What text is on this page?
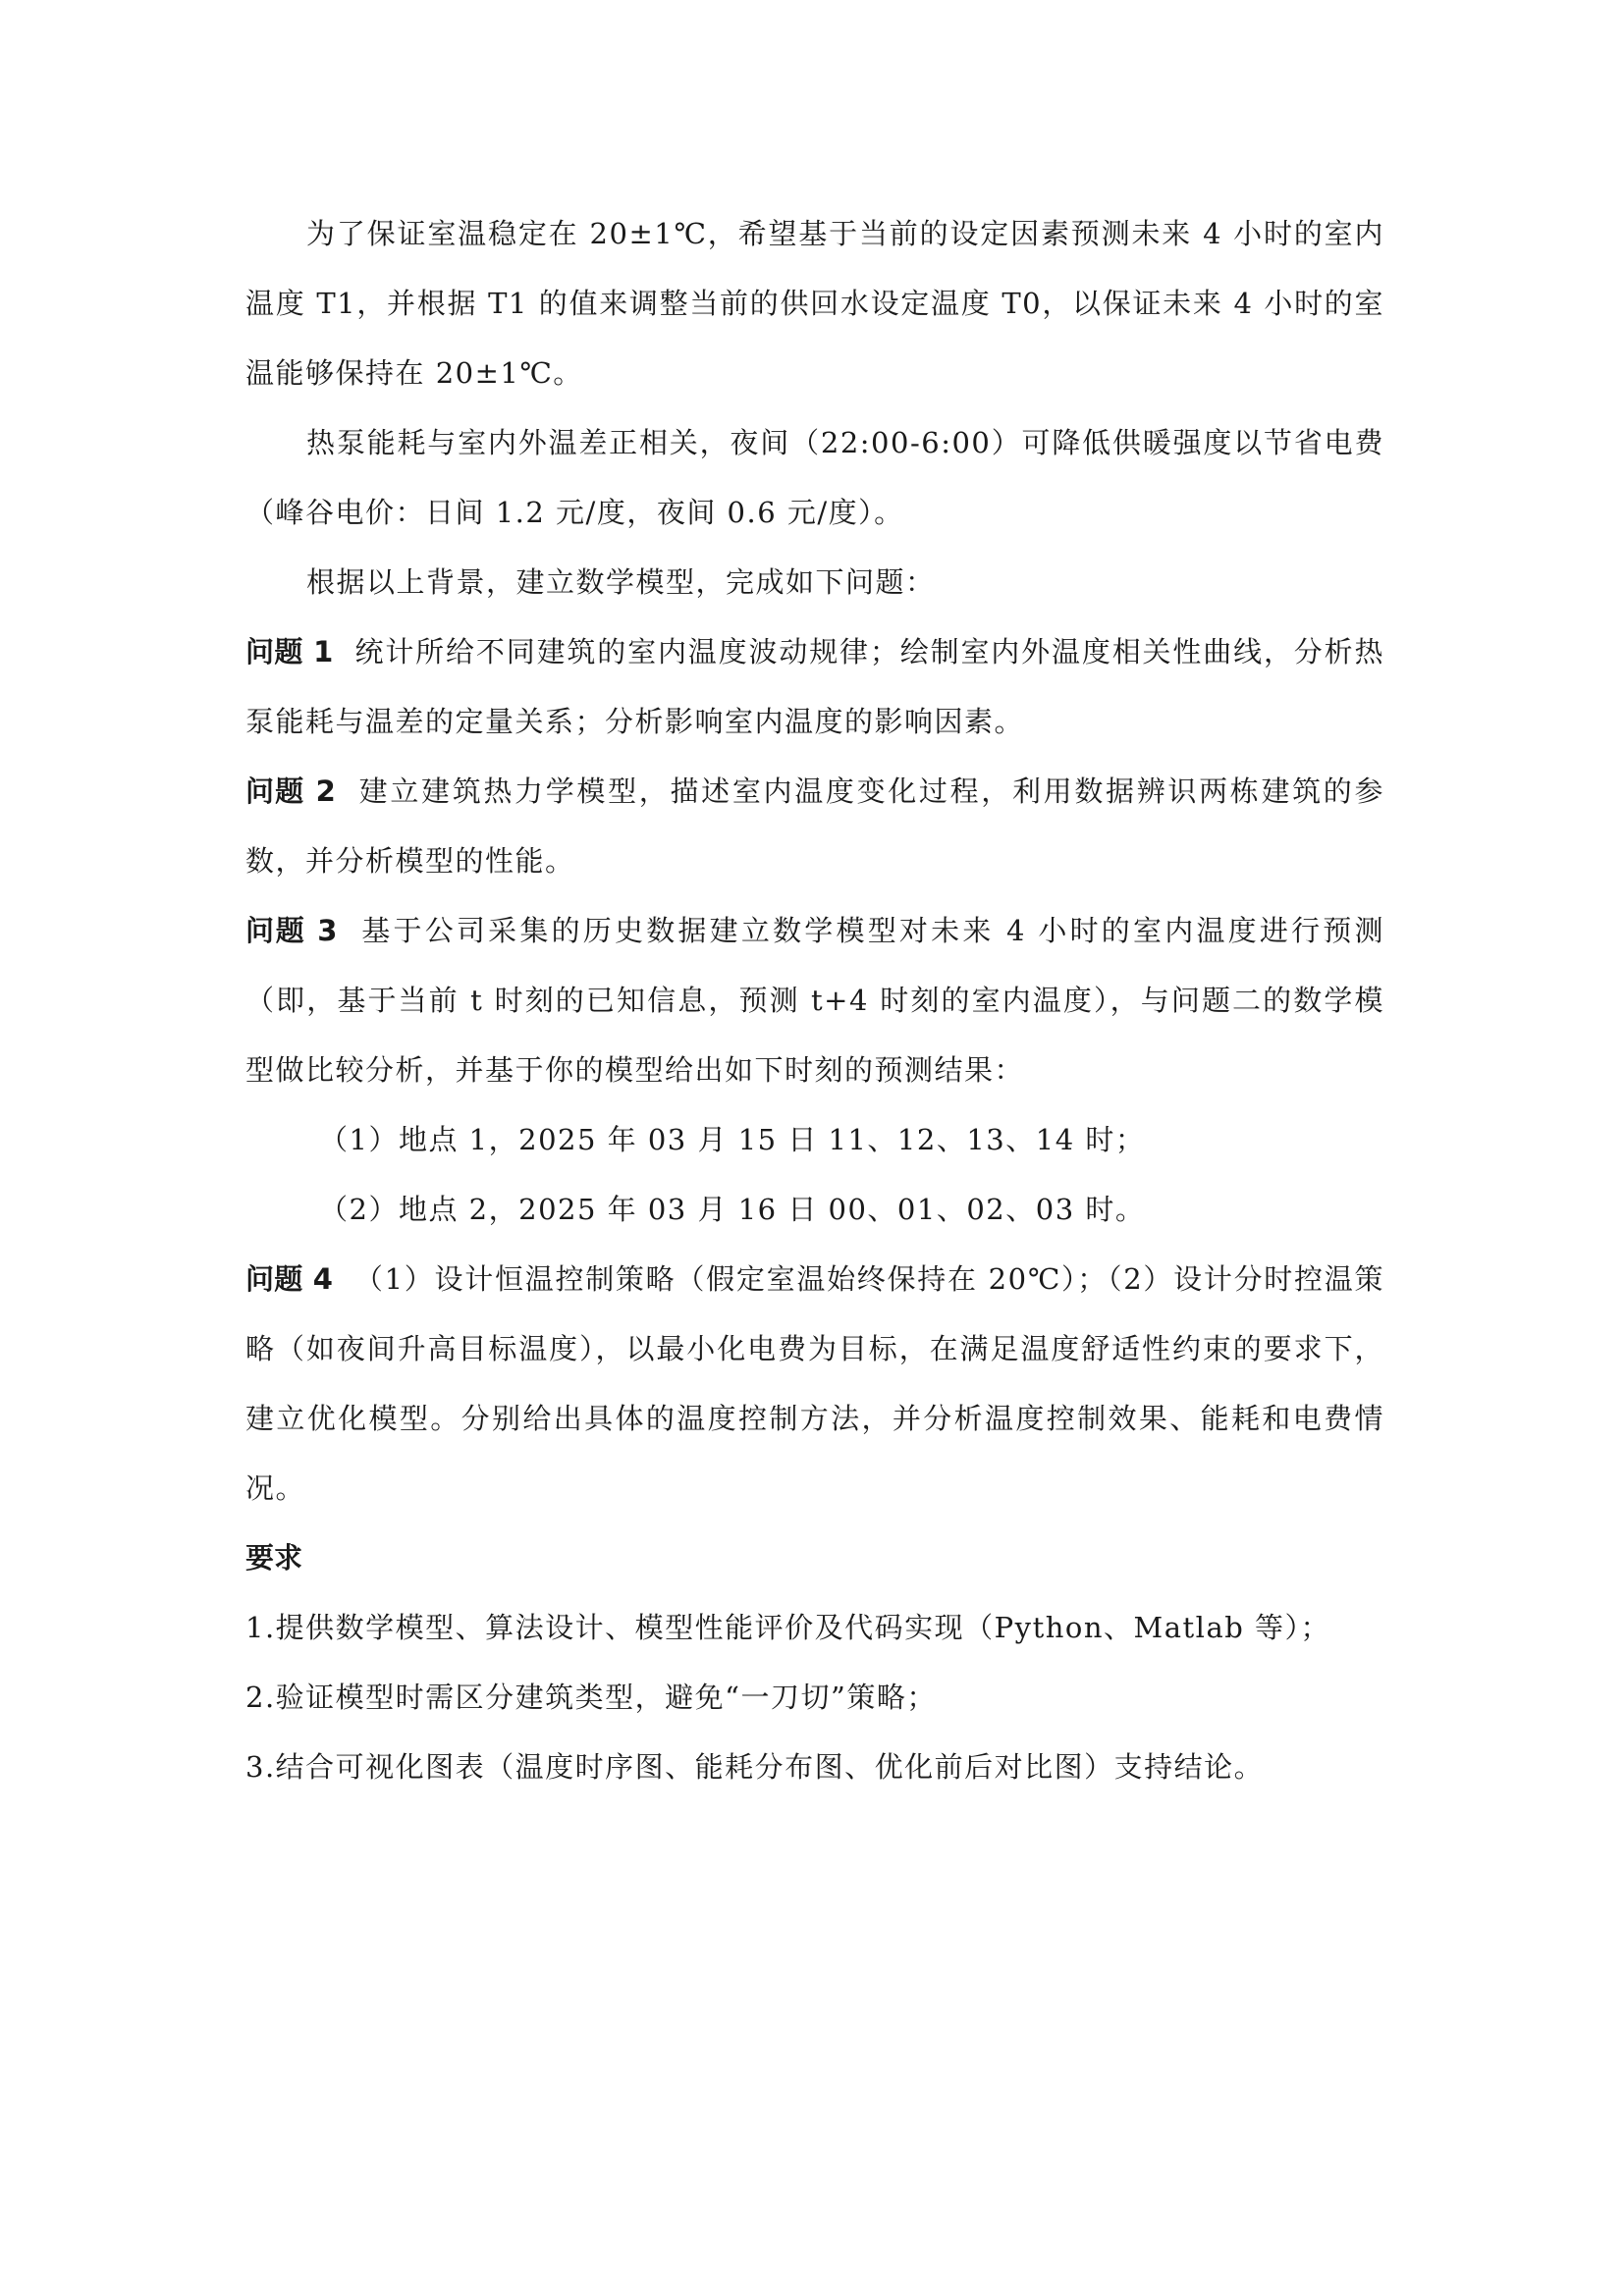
为了保证室温稳定在 20±1℃，希望基于当前的设定因素预测未来 4 小时的室内温度 T1，并根据 T1 的值来调整当前的供回水设定温度 T0，以保证未来 4 小时的室温能够保持在 20±1℃。

热泵能耗与室内外温差正相关，夜间（22:00-6:00）可降低供暖强度以节省电费（峰谷电价：日间 1.2 元/度，夜间 0.6 元/度）。

根据以上背景，建立数学模型，完成如下问题：

问题 1 统计所给不同建筑的室内温度波动规律；绘制室内外温度相关性曲线，分析热泵能耗与温差的定量关系；分析影响室内温度的影响因素。

问题 2 建立建筑热力学模型，描述室内温度变化过程，利用数据辨识两栋建筑的参数，并分析模型的性能。

问题 3 基于公司采集的历史数据建立数学模型对未来 4 小时的室内温度进行预测（即，基于当前 t 时刻的已知信息，预测 t+4 时刻的室内温度），与问题二的数学模型做比较分析，并基于你的模型给出如下时刻的预测结果：

（1）地点 1，2025 年 03 月 15 日 11、12、13、14 时；

（2）地点 2，2025 年 03 月 16 日 00、01、02、03 时。

问题 4 （1）设计恒温控制策略（假定室温始终保持在 20℃）；（2）设计分时控温策略（如夜间升高目标温度），以最小化电费为目标，在满足温度舒适性约束的要求下，建立优化模型。分别给出具体的温度控制方法，并分析温度控制效果、能耗和电费情况。

要求

1.提供数学模型、算法设计、模型性能评价及代码实现（Python、Matlab 等）；

2.验证模型时需区分建筑类型，避免“一刀切”策略；

3.结合可视化图表（温度时序图、能耗分布图、优化前后对比图）支持结论。
